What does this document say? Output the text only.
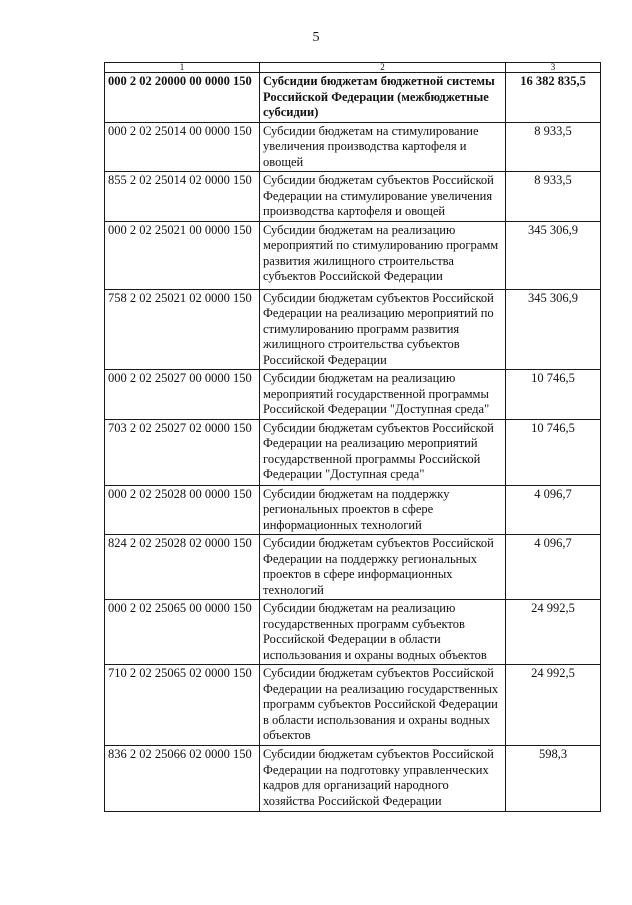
5
1	2	3
000 2 02 20000 00 0000 150	Субсидии бюджетам бюджетной системы Российской Федерации (межбюджетные субсидии)	16 382 835,5
000 2 02 25014 00 0000 150	Субсидии бюджетам на стимулирование увеличения производства картофеля и овощей	8 933,5
855 2 02 25014 02 0000 150	Субсидии бюджетам субъектов Российской Федерации на стимулирование увеличения производства картофеля и овощей	8 933,5
000 2 02 25021 00 0000 150	Субсидии бюджетам на реализацию мероприятий по стимулированию программ развития жилищного строительства субъектов Российской Федерации	345 306,9
758 2 02 25021 02 0000 150	Субсидии бюджетам субъектов Российской Федерации на реализацию мероприятий по стимулированию программ развития жилищного строительства субъектов Российской Федерации	345 306,9
000 2 02 25027 00 0000 150	Субсидии бюджетам на реализацию мероприятий государственной программы Российской Федерации "Доступная среда"	10 746,5
703 2 02 25027 02 0000 150	Субсидии бюджетам субъектов Российской Федерации на реализацию мероприятий государственной программы Российской Федерации "Доступная среда"	10 746,5
000 2 02 25028 00 0000 150	Субсидии бюджетам на поддержку региональных проектов в сфере информационных технологий	4 096,7
824 2 02 25028 02 0000 150	Субсидии бюджетам субъектов Российской Федерации на поддержку региональных проектов в сфере информационных технологий	4 096,7
000 2 02 25065 00 0000 150	Субсидии бюджетам на реализацию государственных программ субъектов Российской Федерации в области использования и охраны водных объектов	24 992,5
710 2 02 25065 02 0000 150	Субсидии бюджетам субъектов Российской Федерации на реализацию государственных программ субъектов Российской Федерации в области использования и охраны водных объектов	24 992,5
836 2 02 25066 02 0000 150	Субсидии бюджетам субъектов Российской Федерации на подготовку управленческих кадров для организаций народного хозяйства Российской Федерации	598,3
